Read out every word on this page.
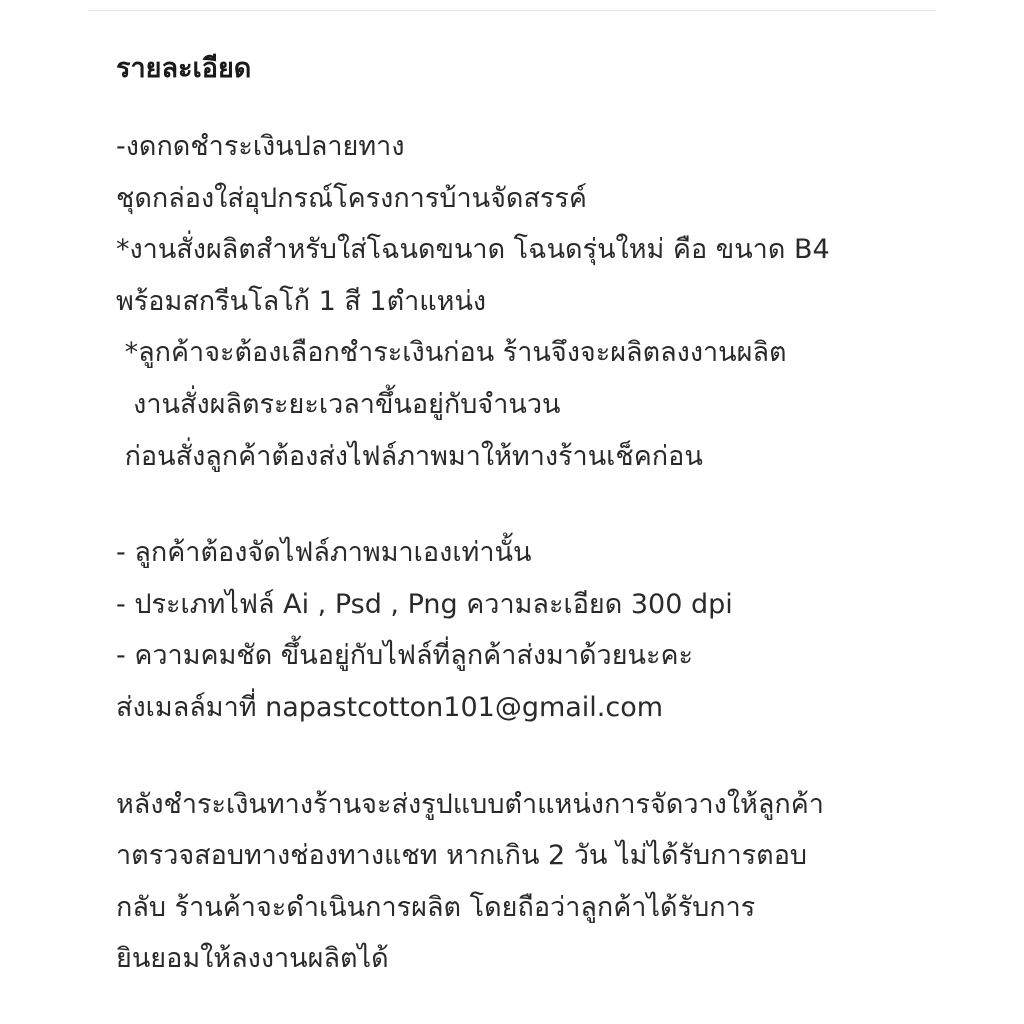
รายละเอียด
-งดกดชำระเงินปลายทาง
ชุดกล่องใส่อุปกรณ์โครงการบ้านจัดสรรค์
*งานสั่งผลิตสำหรับใส่โฉนดขนาด โฉนดรุ่นใหม่ คือ ขนาด B4
พร้อมสกรีนโลโก้ 1 สี 1ตำแหน่ง
*ลูกค้าจะต้องเลือกชำระเงินก่อน ร้านจึงจะผลิตลงงานผลิต
งานสั่งผลิตระยะเวลาขึ้นอยู่กับจำนวน
ก่อนสั่งลูกค้าต้องส่งไฟล์ภาพมาให้ทางร้านเช็คก่อน
- ลูกค้าต้องจัดไฟล์ภาพมาเองเท่านั้น
- ประเภทไฟล์ Ai , Psd , Png ความละเอียด 300 dpi
- ความคมชัด ขึ้นอยู่กับไฟล์ที่ลูกค้าส่งมาด้วยนะคะ
ส่งเมลล์มาที่ napastcotton101@gmail.com
หลังชำระเงินทางร้านจะส่งรูปแบบตำแหน่งการจัดวางให้ลูกค้า
าตรวจสอบทางช่องทางแชท หากเกิน 2 วัน ไม่ได้รับการตอบ
กลับ ร้านค้าจะดำเนินการผลิต โดยถือว่าลูกค้าได้รับการ
ยินยอมให้ลงงานผลิตได้
